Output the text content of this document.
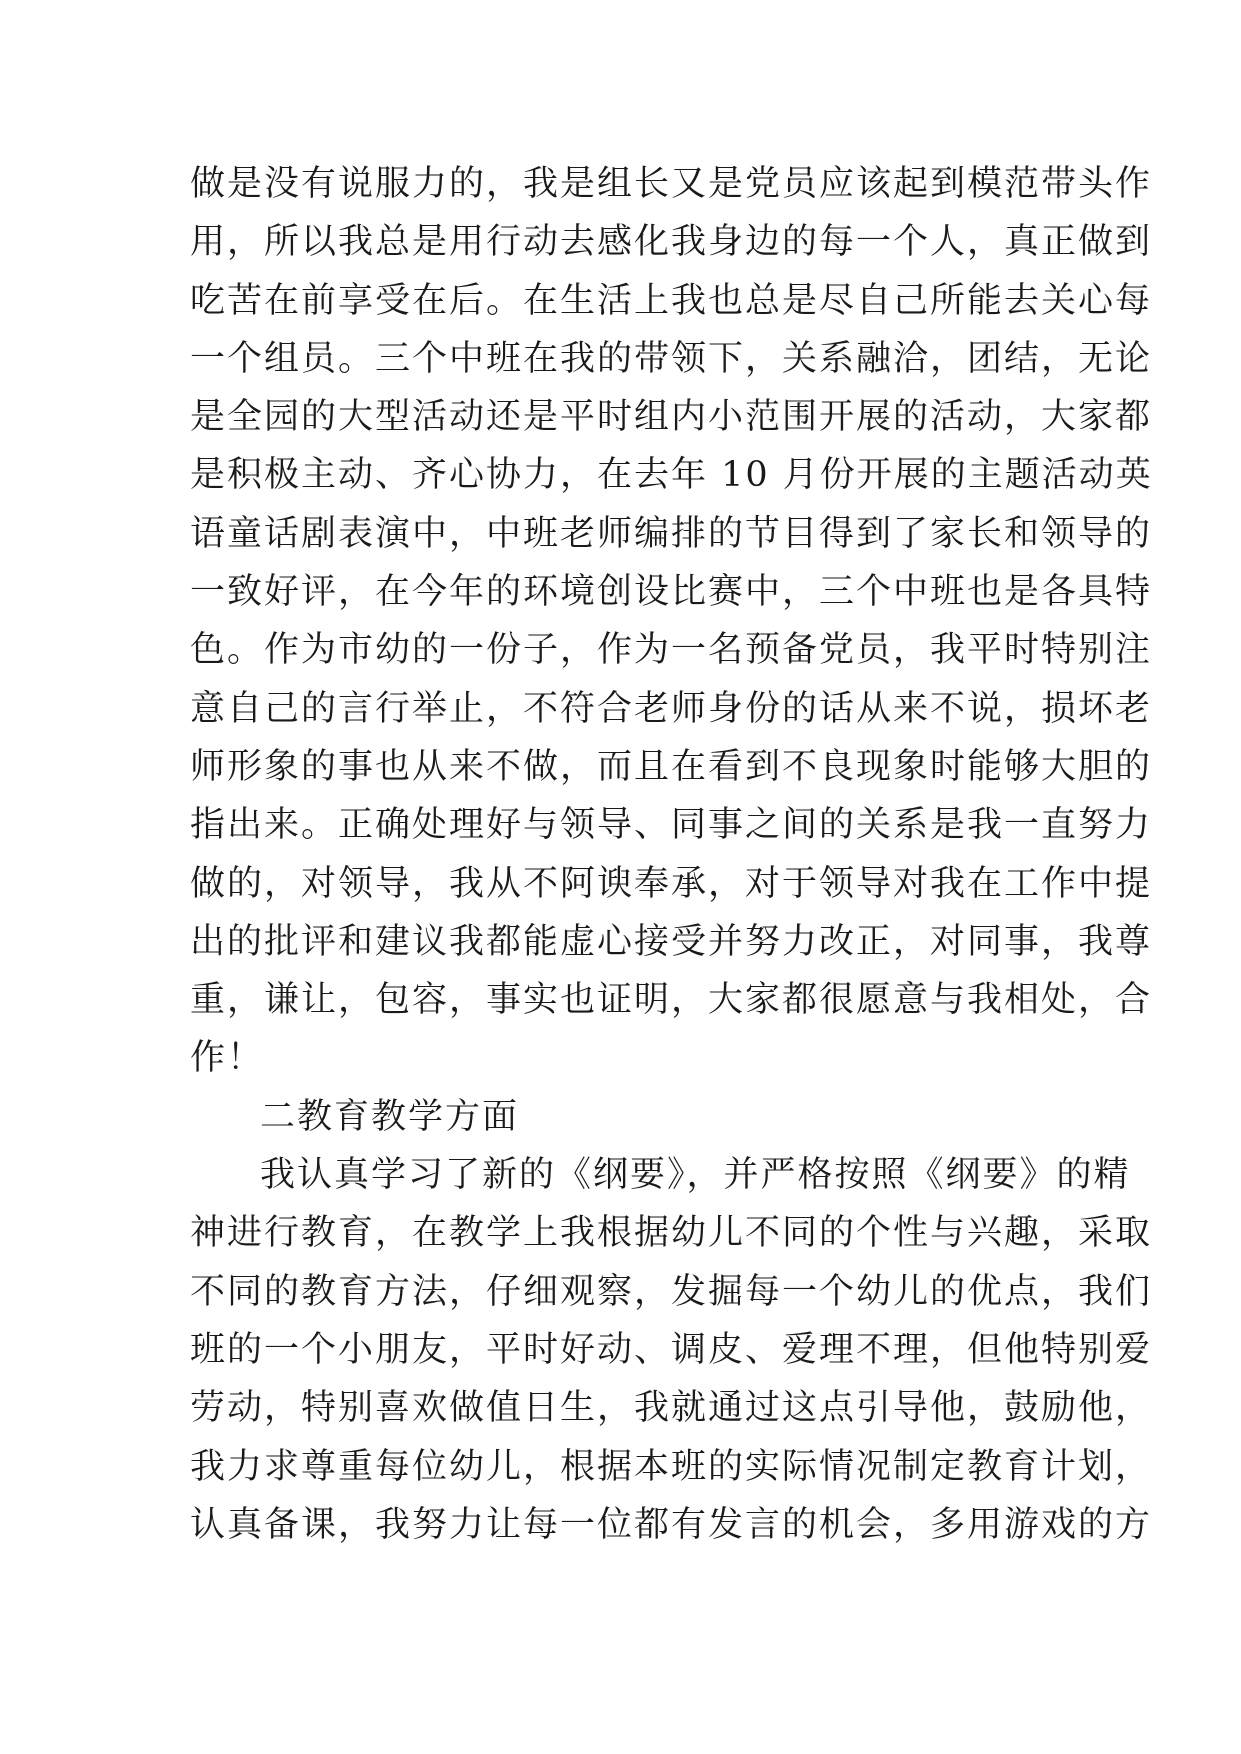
做是没有说服力的，我是组长又是党员应该起到模范带头作
用，所以我总是用行动去感化我身边的每一个人，真正做到
吃苦在前享受在后。在生活上我也总是尽自己所能去关心每
一个组员。三个中班在我的带领下，关系融洽，团结，无论
是全园的大型活动还是平时组内小范围开展的活动，大家都
是积极主动、齐心协力，在去年 10 月份开展的主题活动英
语童话剧表演中，中班老师编排的节目得到了家长和领导的
一致好评，在今年的环境创设比赛中，三个中班也是各具特
色。作为市幼的一份子，作为一名预备党员，我平时特别注
意自己的言行举止，不符合老师身份的话从来不说，损坏老
师形象的事也从来不做，而且在看到不良现象时能够大胆的
指出来。正确处理好与领导、同事之间的关系是我一直努力
做的，对领导，我从不阿谀奉承，对于领导对我在工作中提
出的批评和建议我都能虚心接受并努力改正，对同事，我尊
重，谦让，包容，事实也证明，大家都很愿意与我相处，合
作！
二教育教学方面
我认真学习了新的《纲要》，并严格按照《纲要》的精
神进行教育，在教学上我根据幼儿不同的个性与兴趣，采取
不同的教育方法，仔细观察，发掘每一个幼儿的优点，我们
班的一个小朋友，平时好动、调皮、爱理不理，但他特别爱
劳动，特别喜欢做值日生，我就通过这点引导他，鼓励他，
我力求尊重每位幼儿，根据本班的实际情况制定教育计划，
认真备课，我努力让每一位都有发言的机会，多用游戏的方
